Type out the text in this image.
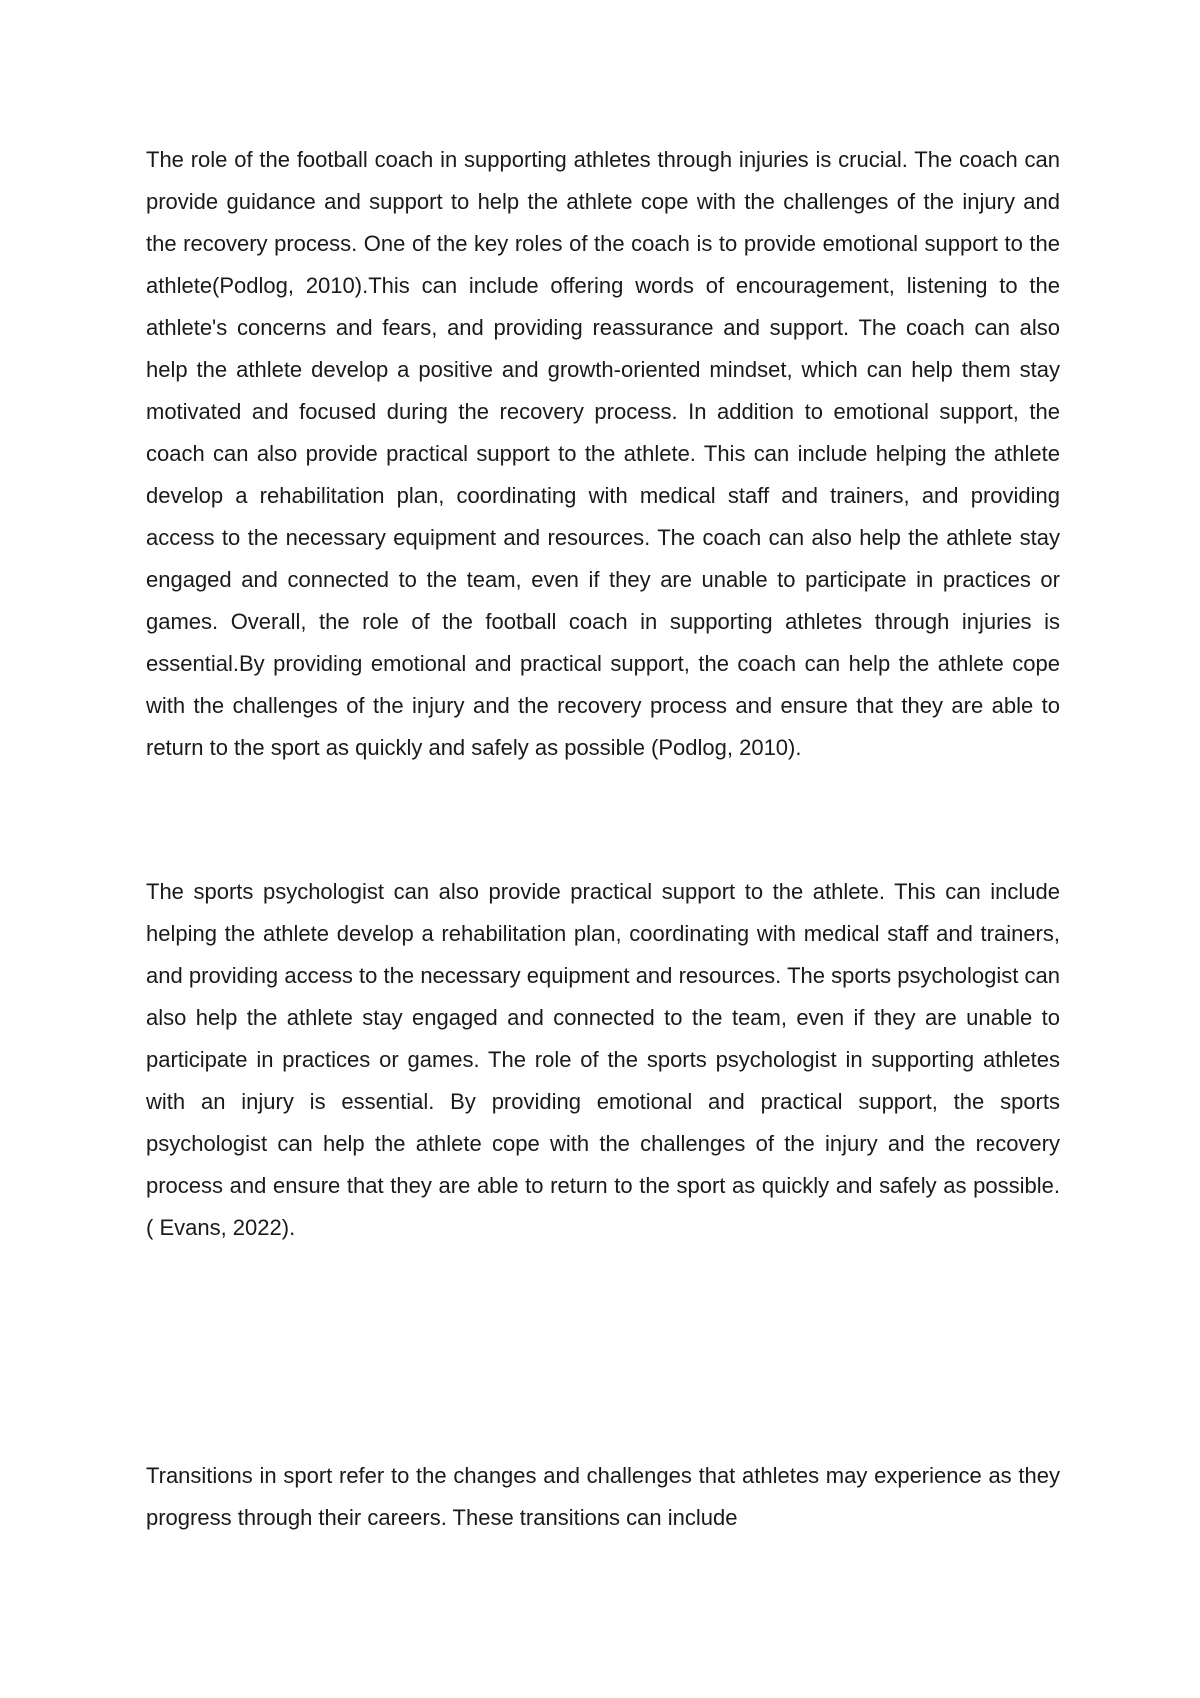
The role of the football coach in supporting athletes through injuries is crucial. The coach can provide guidance and support to help the athlete cope with the challenges of the injury and the recovery process. One of the key roles of the coach is to provide emotional support to the athlete(Podlog, 2010).This can include offering words of encouragement, listening to the athlete's concerns and fears, and providing reassurance and support. The coach can also help the athlete develop a positive and growth-oriented mindset, which can help them stay motivated and focused during the recovery process. In addition to emotional support, the coach can also provide practical support to the athlete. This can include helping the athlete develop a rehabilitation plan, coordinating with medical staff and trainers, and providing access to the necessary equipment and resources. The coach can also help the athlete stay engaged and connected to the team, even if they are unable to participate in practices or games. Overall, the role of the football coach in supporting athletes through injuries is essential.By providing emotional and practical support, the coach can help the athlete cope with the challenges of the injury and the recovery process and ensure that they are able to return to the sport as quickly and safely as possible (Podlog, 2010).

The sports psychologist can also provide practical support to the athlete. This can include helping the athlete develop a rehabilitation plan, coordinating with medical staff and trainers, and providing access to the necessary equipment and resources. The sports psychologist can also help the athlete stay engaged and connected to the team, even if they are unable to participate in practices or games. The role of the sports psychologist in supporting athletes with an injury is essential. By providing emotional and practical support, the sports psychologist can help the athlete cope with the challenges of the injury and the recovery process and ensure that they are able to return to the sport as quickly and safely as possible. ( Evans, 2022).

Transitions in sport refer to the changes and challenges that athletes may experience as they progress through their careers. These transitions can include
